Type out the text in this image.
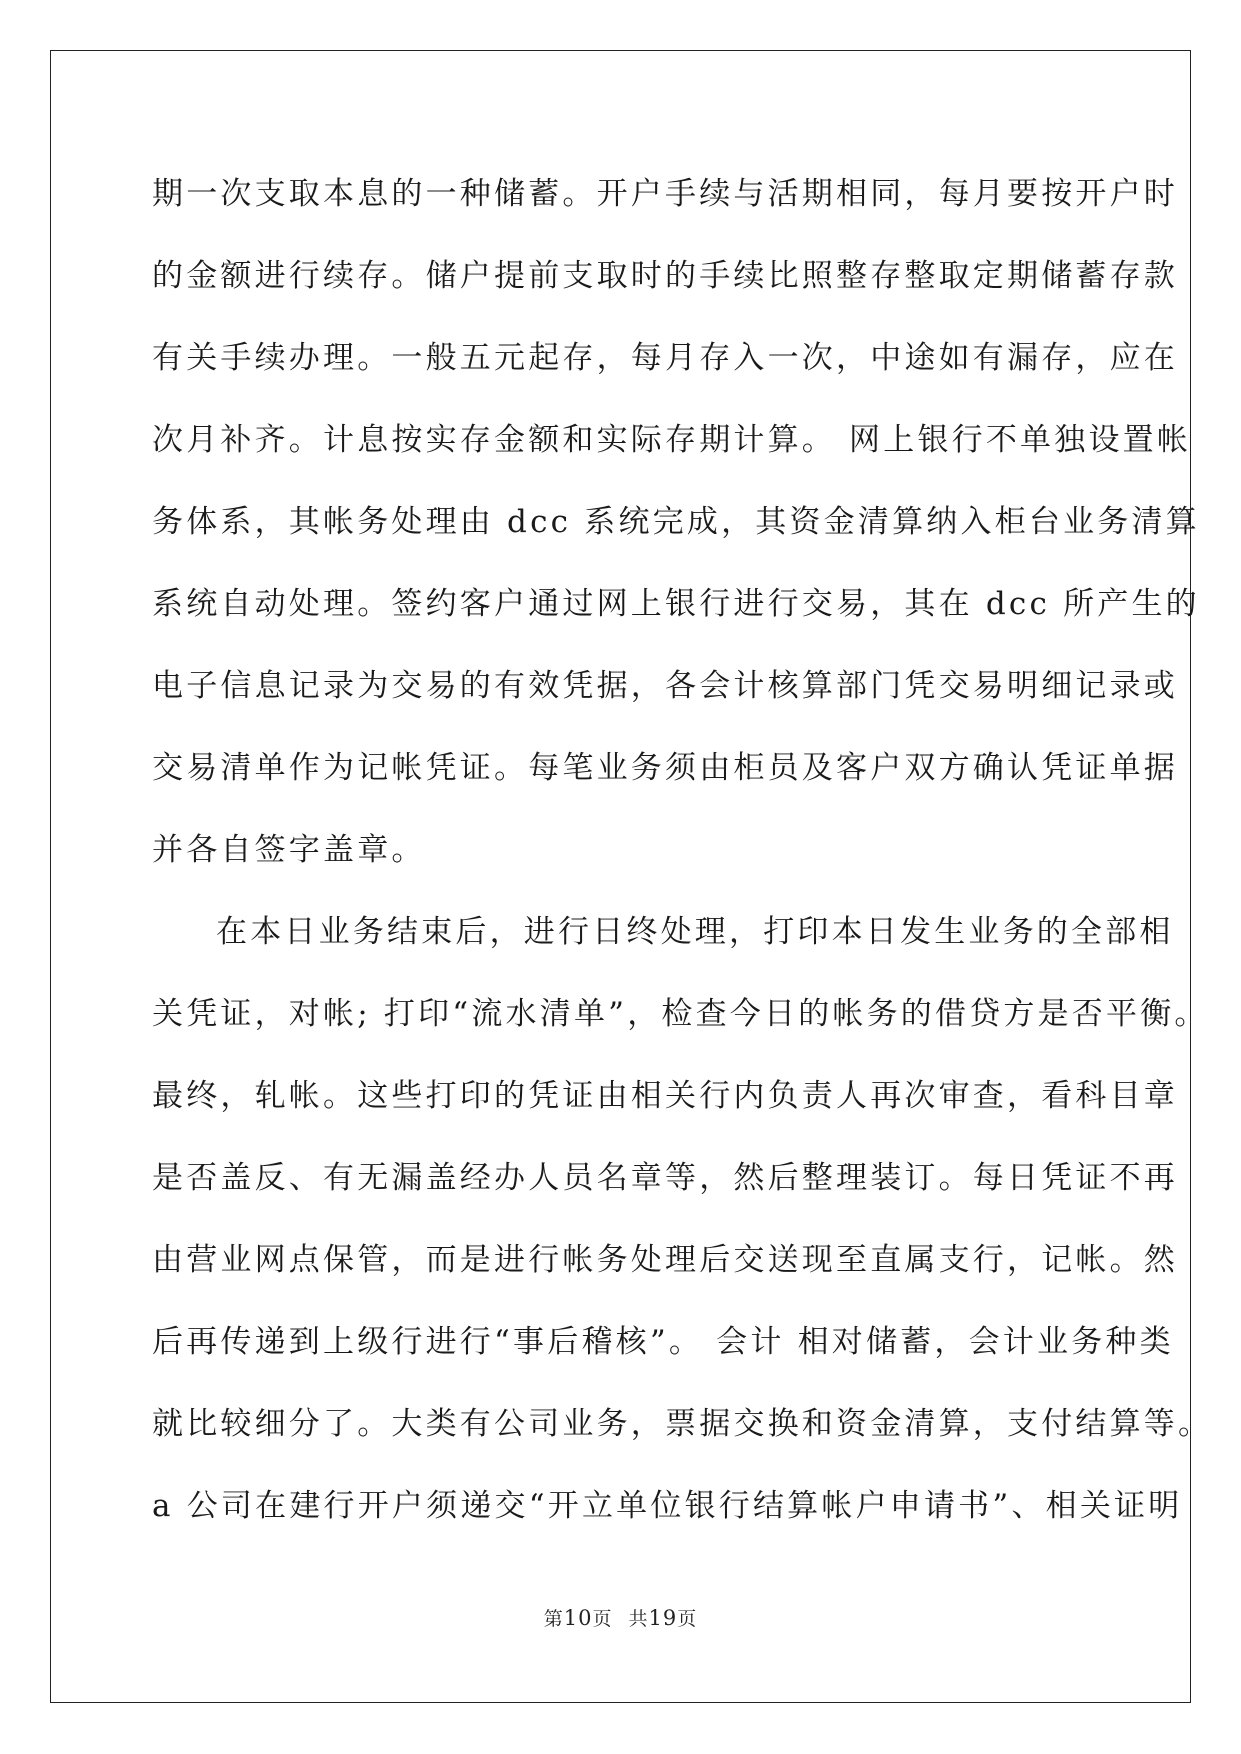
期一次支取本息的一种储蓄。开户手续与活期相同，每月要按开户时
的金额进行续存。储户提前支取时的手续比照整存整取定期储蓄存款
有关手续办理。一般五元起存，每月存入一次，中途如有漏存，应在
次月补齐。计息按实存金额和实际存期计算。 网上银行不单独设置帐
务体系，其帐务处理由 dcc 系统完成，其资金清算纳入柜台业务清算
系统自动处理。签约客户通过网上银行进行交易，其在 dcc 所产生的
电子信息记录为交易的有效凭据，各会计核算部门凭交易明细记录或
交易清单作为记帐凭证。每笔业务须由柜员及客户双方确认凭证单据
并各自签字盖章。
在本日业务结束后，进行日终处理，打印本日发生业务的全部相
关凭证，对帐; 打印“流水清单”，检查今日的帐务的借贷方是否平衡。
最终，轧帐。这些打印的凭证由相关行内负责人再次审查，看科目章
是否盖反、有无漏盖经办人员名章等，然后整理装订。每日凭证不再
由营业网点保管，而是进行帐务处理后交送现至直属支行，记帐。然
后再传递到上级行进行“事后稽核”。 会计 相对储蓄，会计业务种类
就比较细分了。大类有公司业务，票据交换和资金清算，支付结算等。
a 公司在建行开户须递交“开立单位银行结算帐户申请书”、相关证明
第10页 共19页
